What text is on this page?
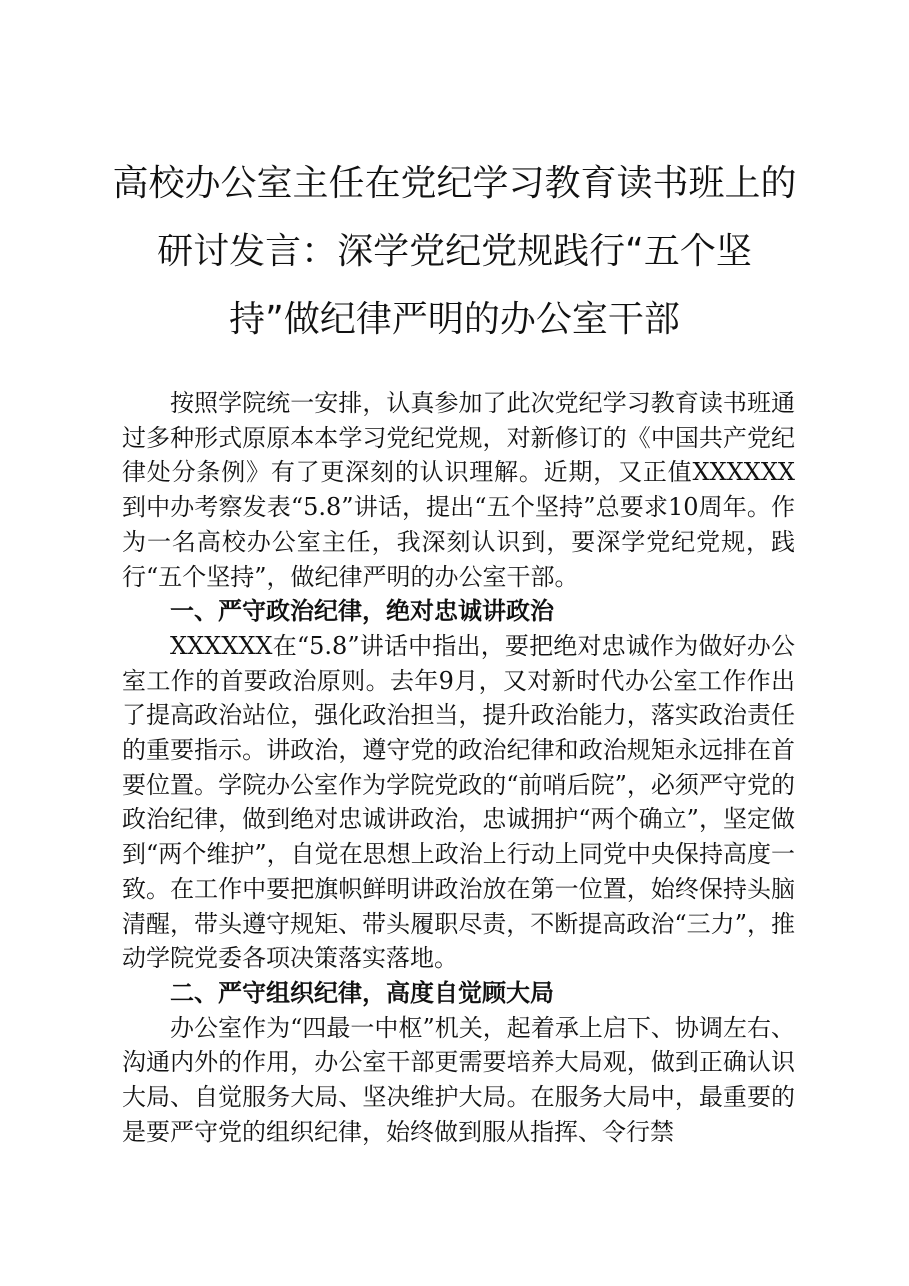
高校办公室主任在党纪学习教育读书班上的研讨发言：深学党纪党规践行“五个坚持”做纪律严明的办公室干部

按照学院统一安排，认真参加了此次党纪学习教育读书班通过多种形式原原本本学习党纪党规，对新修订的《中国共产党纪律处分条例》有了更深刻的认识理解。近期，又正值XXXXXX到中办考察发表“5.8”讲话，提出“五个坚持”总要求10周年。作为一名高校办公室主任，我深刻认识到，要深学党纪党规，践行“五个坚持”，做纪律严明的办公室干部。

一、严守政治纪律，绝对忠诚讲政治

XXXXXX在“5.8”讲话中指出，要把绝对忠诚作为做好办公室工作的首要政治原则。去年9月，又对新时代办公室工作作出了提高政治站位，强化政治担当，提升政治能力，落实政治责任的重要指示。讲政治，遵守党的政治纪律和政治规矩永远排在首要位置。学院办公室作为学院党政的“前哨后院”，必须严守党的政治纪律，做到绝对忠诚讲政治，忠诚拥护“两个确立”，坚定做到“两个维护”，自觉在思想上政治上行动上同党中央保持高度一致。在工作中要把旗帜鲜明讲政治放在第一位置，始终保持头脑清醒，带头遵守规矩、带头履职尽责，不断提高政治“三力”，推动学院党委各项决策落实落地。

二、严守组织纪律，高度自觉顾大局

办公室作为“四最一中枢”机关，起着承上启下、协调左右、沟通内外的作用，办公室干部更需要培养大局观，做到正确认识大局、自觉服务大局、坚决维护大局。在服务大局中，最重要的是要严守党的组织纪律，始终做到服从指挥、令行禁
